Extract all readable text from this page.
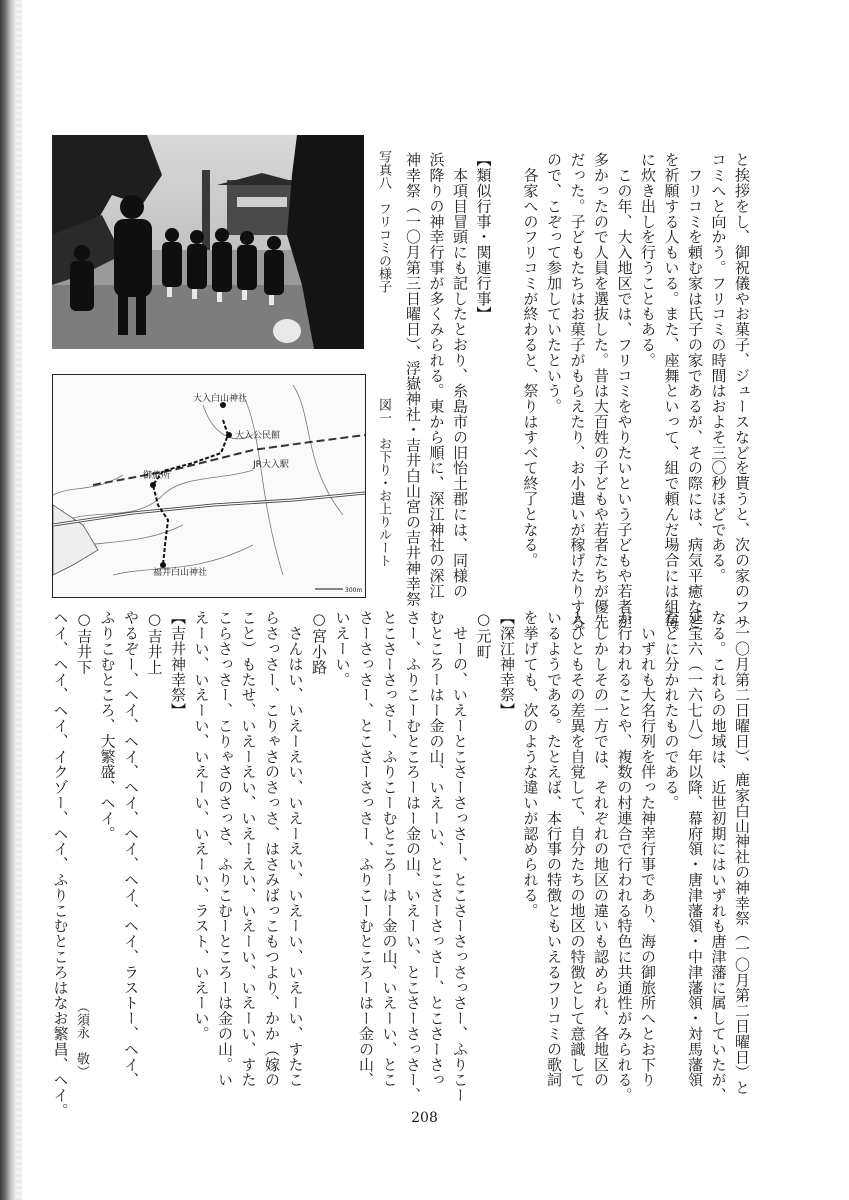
と挨拶をし、御祝儀やお菓子、ジュースなどを貰うと、次の家のフリ
コミへと向かう。フリコミの時間はおよそ三〇秒ほどである。
　フリコミを頼む家は氏子の家であるが、その際には、病気平癒など
を祈願する人もいる。また、座舞といって、組で頼んだ場合には組毎
に炊き出しを行うこともある。
　この年、大入地区では、フリコミをやりたいという子どもや若者が
多かったので人員を選抜した。昔は大百姓の子どもや若者たちが優先
だった。子どもたちはお菓子がもらえたり、お小遣いが稼げたりする
ので、こぞって参加していたという。
　各家へのフリコミが終わると、祭りはすべて終了となる。

【類似行事・関連行事】
　本項目冒頭にも記したとおり、糸島市の旧怡土郡には、同様の
浜降りの神幸行事が多くみられる。東から順に、深江神社の深江
神幸祭（一〇月第三日曜日）、浮嶽神社・吉井白山宮の吉井神幸祭
写真八　フリコミの様子
図一　お下り・お上りルート
大入白山神社
大入公民館
JR大入駅
御旅所
福井白山神社
300m
（一〇月第二日曜日）、鹿家白山神社の神幸祭（一〇月第二日曜日）と
なる。これらの地域は、近世初期にはいずれも唐津藩に属していたが、
延宝六（一六七八）年以降、幕府領・唐津藩領・中津藩領・対馬藩領
などに分かれたものである。
　いずれも大名行列を伴った神幸行事であり、海の御旅所へとお下り
が行われることや、複数の村連合で行われる特色に共通性がみられる。
　しかしその一方では、それぞれの地区の違いも認められ、各地区の
人びともその差異を自覚して、自分たちの地区の特徴として意識して
いるようである。たとえば、本行事の特徴ともいえるフリコミの歌詞
を挙げても、次のような違いが認められる。
【深江神幸祭】
○元町
　せーの、いえーとこさーさっさー、とこさーさっさっさー、ふりこー
むところーはー金の山、いえーい、とこさーさっさー、とこさーさっ
さー、ふりこーむところーはー金の山、いえーい、とこさーさっさー、
とこさーさっさー、ふりこーむところーはー金の山、いえーい、とこ
さーさっさー、とこさーさっさー、ふりこーむところーはー金の山、
いえーい。
○宮小路
　さんはい、いえーえい、いえーえい、いえーい、いえーい、すたこ
らさっさー、こりゃさのさっさ、はさみばっこもつより、かか（嫁の
こと）もたせ、いえーえい、いえーえい、いえーい、いえーい、すた
こらさっさー、こりゃさのさっさ、ふりこむーところーは金の山。い
えーい、いえーい、いえーい、いえーい、ラスト、いえーい。
【吉井神幸祭】
○吉井上
やるぞー、ヘイ、ヘイ、ヘイ、ヘイ、ヘイ、ヘイ、ラストー、ヘイ、
ふりこむところ、大繁盛、ヘイ。
○吉井下
ヘイ、ヘイ、ヘイ、イクゾー、ヘイ、ふりこむところはなお繁昌、ヘイ。 （須永　敬）
208
